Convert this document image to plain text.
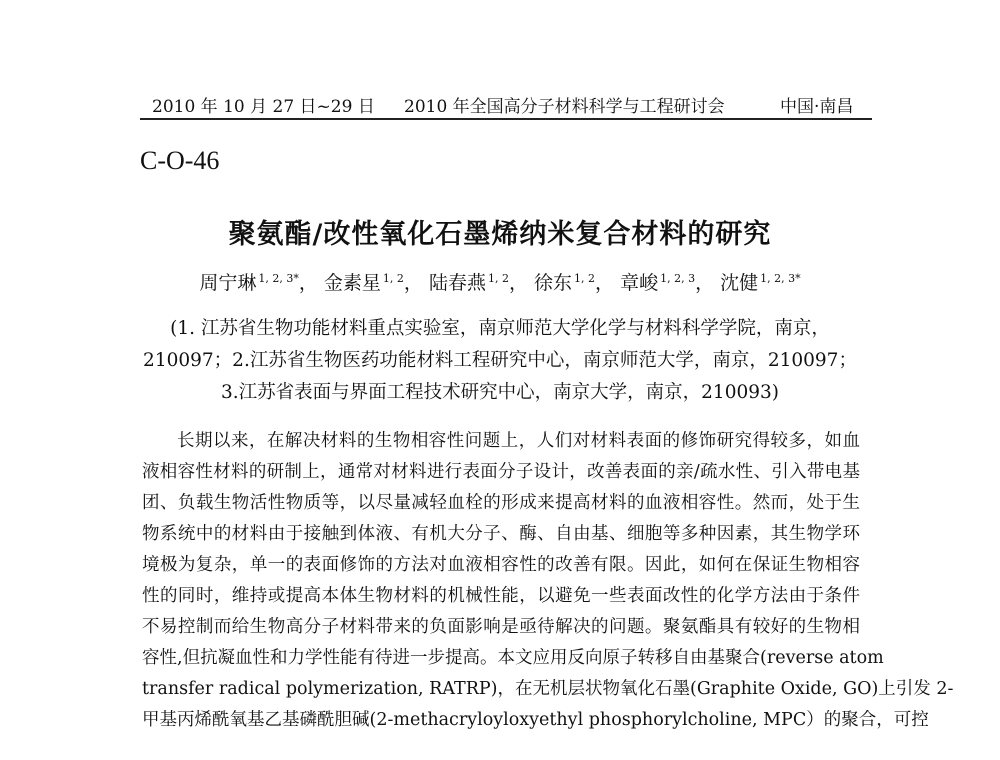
2010 年 10 月 27 日~29 日 2010 年全国高分子材料科学与工程研讨会	中国·南昌
C-O-46
聚氨酯/改性氧化石墨烯纳米复合材料的研究
周宁琳 $^{1, 2, 3*}$， 金素星 $^{1, 2}$， 陆春燕 $^{1, 2}$， 徐东 $^{1, 2}$， 章峻 $^{1, 2, 3}$， 沈健 $^{1, 2, 3*}$
(1. 江苏省生物功能材料重点实验室，南京师范大学化学与材料科学学院，南京，
210097；2.江苏省生物医药功能材料工程研究中心，南京师范大学，南京，210097；
3.江苏省表面与界面工程技术研究中心，南京大学，南京，210093)
长期以来，在解决材料的生物相容性问题上，人们对材料表面的修饰研究得较多，如血
液相容性材料的研制上，通常对材料进行表面分子设计，改善表面的亲/疏水性、引入带电基
团、负载生物活性物质等，以尽量减轻血栓的形成来提高材料的血液相容性。然而，处于生
物系统中的材料由于接触到体液、有机大分子、酶、自由基、细胞等多种因素，其生物学环
境极为复杂，单一的表面修饰的方法对血液相容性的改善有限。因此，如何在保证生物相容
性的同时，维持或提高本体生物材料的机械性能，以避免一些表面改性的化学方法由于条件
不易控制而给生物高分子材料带来的负面影响是亟待解决的问题。聚氨酯具有较好的生物相
容性,但抗凝血性和力学性能有待进一步提高。本文应用反向原子转移自由基聚合(reverse atom
transfer radical polymerization, RATRP)，在无机层状物氧化石墨(Graphite Oxide, GO)上引发 2-
甲基丙烯酰氧基乙基磷酰胆碱(2-methacryloyloxyethyl phosphorylcholine, MPC）的聚合，可控
